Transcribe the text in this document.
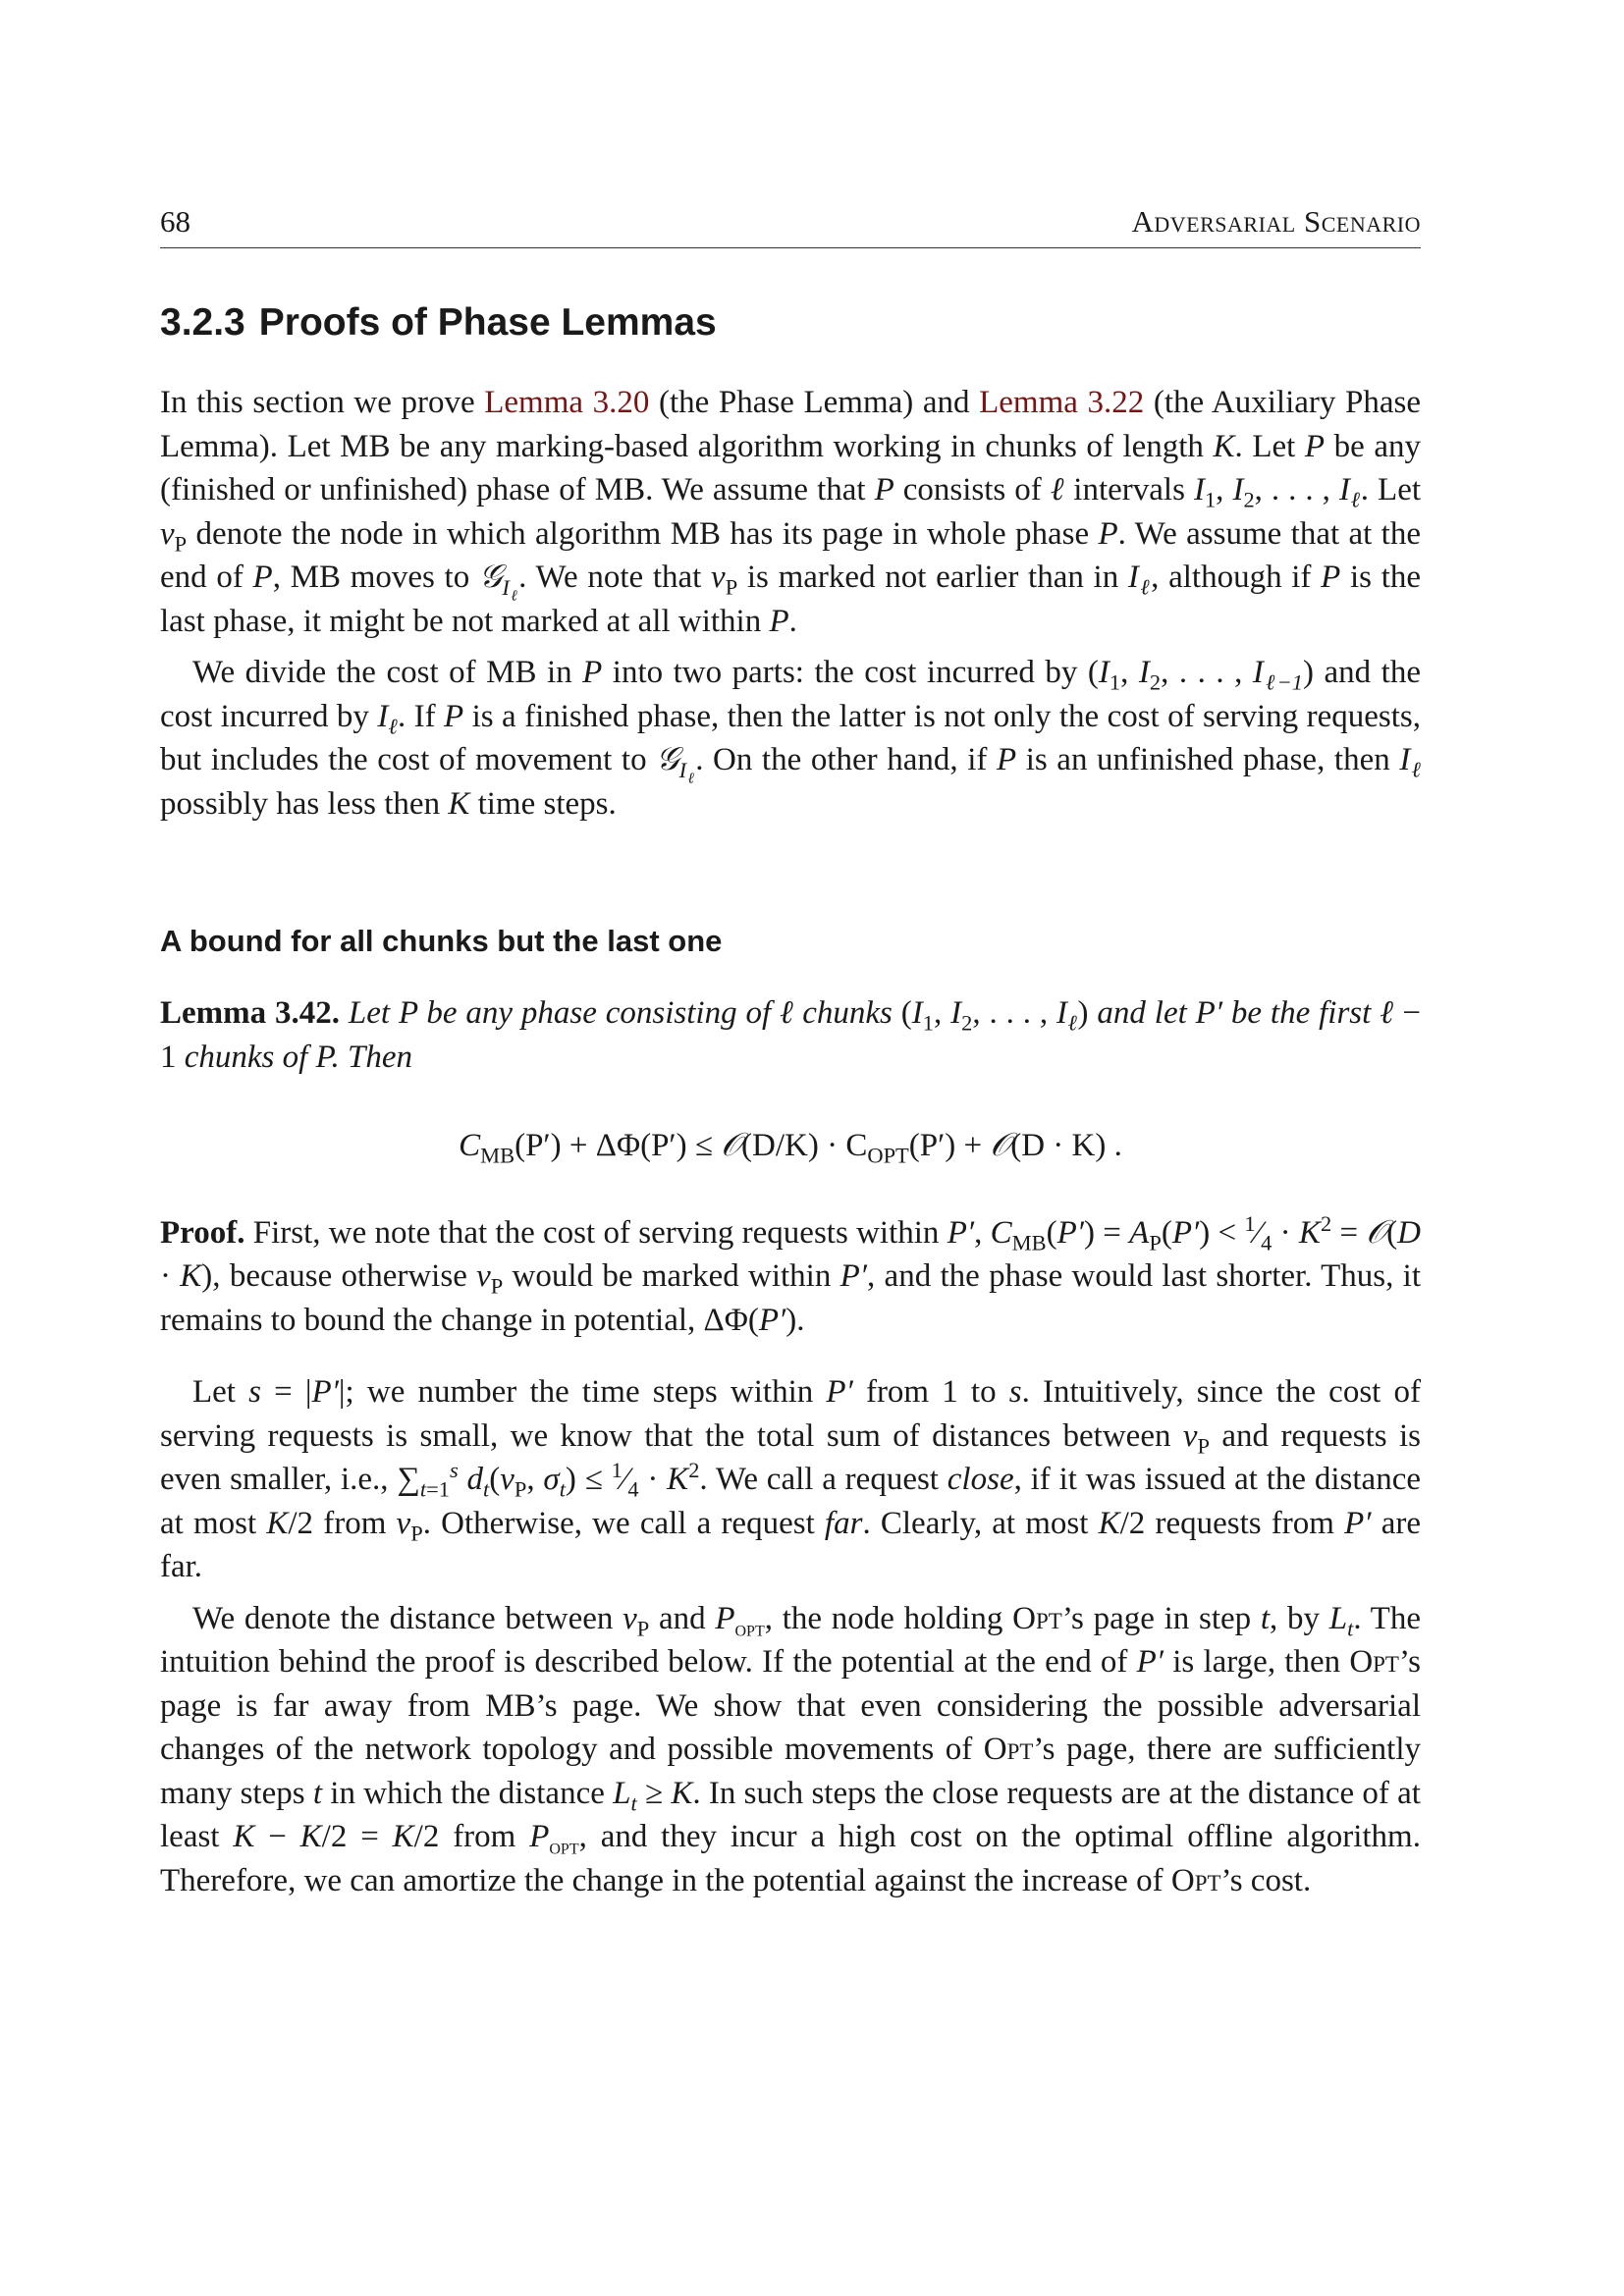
68	Adversarial Scenario
3.2.3 Proofs of Phase Lemmas

In this section we prove Lemma 3.20 (the Phase Lemma) and Lemma 3.22 (the Auxiliary Phase Lemma). Let MB be any marking-based algorithm working in chunks of length K. Let P be any (finished or unfinished) phase of MB. We assume that P consists of ℓ intervals $I_1$, $I_2$, . . . , $I_\ell$. Let $v_P$ denote the node in which algorithm MB has its page in whole phase P. We assume that at the end of P, MB moves to 𝒢$_{I_\ell}$. We note that $v_P$ is marked not earlier than in $I_\ell$, although if P is the last phase, it might be not marked at all within P.

We divide the cost of MB in P into two parts: the cost incurred by ($I_1$, $I_2$, . . . , $I_{\ell-1}$) and the cost incurred by $I_\ell$. If P is a finished phase, then the latter is not only the cost of serving requests, but includes the cost of movement to 𝒢$_{I_\ell}$. On the other hand, if P is an unfinished phase, then $I_\ell$ possibly has less then K time steps.

A bound for all chunks but the last one

Lemma 3.42. Let P be any phase consisting of ℓ chunks ($I_1$, $I_2$, . . . , $I_\ell$) and let P′ be the first ℓ − 1 chunks of P. Then

$C_{MB}(P') + \Delta\Phi(P')$ ≤ 𝒪(D/K) · $C_{OPT}(P')$ + 𝒪(D · K) .

Proof. First, we note that the cost of serving requests within P′, $C_{MB}(P') = A_P(P')$ < $^1⁄_4 \cdot K^2$ = 𝒪(D · K), because otherwise $v_P$ would be marked within P′, and the phase would last shorter. Thus, it remains to bound the change in potential, ΔΦ(P′).

Let s = |P′|; we number the time steps within P′ from 1 to s. Intuitively, since the cost of serving requests is small, we know that the total sum of distances between $v_P$ and requests is even smaller, i.e., $\sum_{t=1}^s$ $d_t(v_P$, $\sigma_t$) ≤ $^1⁄_4 \cdot K^2$. We call a request close, if it was issued at the distance at most K/2 from $v_P$. Otherwise, we call a request far. Clearly, at most K/2 requests from P′ are far.

We denote the distance between $v_P$ and $P_{opt}$, the node holding Opt’s page in step t, by $L_t$. The intuition behind the proof is described below. If the potential at the end of P′ is large, then Opt’s page is far away from MB’s page. We show that even considering the possible adversarial changes of the network topology and possible movements of Opt’s page, there are sufficiently many steps t in which the distance $L_t \ge K$. In such steps the close requests are at the distance of at least K − K/2 = K/2 from $P_{opt}$, and they incur a high cost on the optimal offline algorithm. Therefore, we can amortize the change in the potential against the increase of Opt’s cost.
